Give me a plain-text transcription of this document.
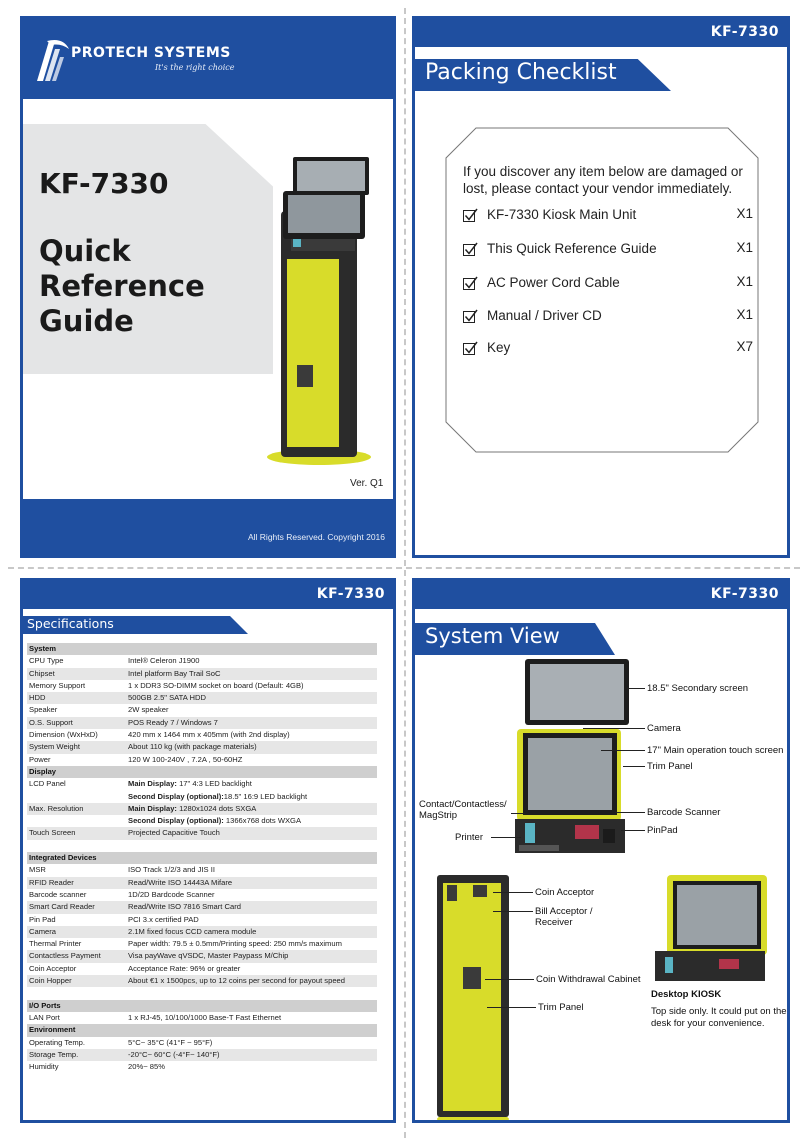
PROTECH SYSTEMS
It's the right choice
KF-7330
Quick
Reference
Guide
Ver. Q1
All Rights Reserved. Copyright 2016
KF-7330
Packing Checklist
If you discover any item below are damaged or lost, please contact your vendor immediately.
KF-7330 Kiosk Main Unit	X1
This Quick Reference Guide	X1
AC Power Cord Cable	X1
Manual / Driver CD	X1
Key	X7
KF-7330
Specifications
System
CPU Type	Intel® Celeron J1900
Chipset	Intel platform Bay Trail SoC
Memory Support	1 x DDR3 SO-DIMM socket on board (Default: 4GB)
HDD	500GB 2.5" SATA HDD
Speaker	2W speaker
O.S. Support	POS Ready 7 / Windows 7
Dimension (WxHxD)	420 mm x 1464 mm x 405mm (with 2nd display)
System Weight	About 110 kg (with package materials)
Power	120 W 100-240V , 7.2A , 50-60HZ
Display
LCD Panel	Main Display: 17" 4:3 LED backlight
Second Display (optional):18.5" 16:9 LED backlight
Max. Resolution	Main Display: 1280x1024 dots SXGA
Second Display (optional): 1366x768 dots WXGA
Touch Screen	Projected Capacitive Touch
Integrated Devices
MSR	ISO Track 1/2/3 and JIS II
RFID Reader	Read/Write ISO 14443A Mifare
Barcode scanner	1D/2D Bardcode Scanner
Smart Card Reader	Read/Write ISO 7816 Smart Card
Pin Pad	PCI 3.x certified PAD
Camera	2.1M fixed focus CCD camera module
Thermal Printer	Paper width: 79.5 ± 0.5mm/Printing speed: 250 mm/s maximum
Contactless Payment	Visa payWave qVSDC, Master Paypass M/Chip
Coin Acceptor	Acceptance Rate: 96% or greater
Coin Hopper	About €1 x 1500pcs, up to 12 coins per second for payout speed
I/O Ports
LAN Port	1 x RJ-45, 10/100/1000 Base-T Fast Ethernet
Environment
Operating Temp.	5°C~ 35°C (41°F ~ 95°F)
Storage Temp.	-20°C~ 60°C (-4°F~ 140°F)
Humidity	20%~ 85%
KF-7330
System View
18.5" Secondary screen
Camera
17" Main operation touch screen
Trim Panel
Contact/Contactless/ MagStrip	Barcode Scanner
PinPad
Printer
Coin Acceptor
Bill Acceptor / Receiver
Coin Withdrawal Cabinet
Trim Panel
Desktop KIOSK
Top side only. It could put on the desk for your convenience.
